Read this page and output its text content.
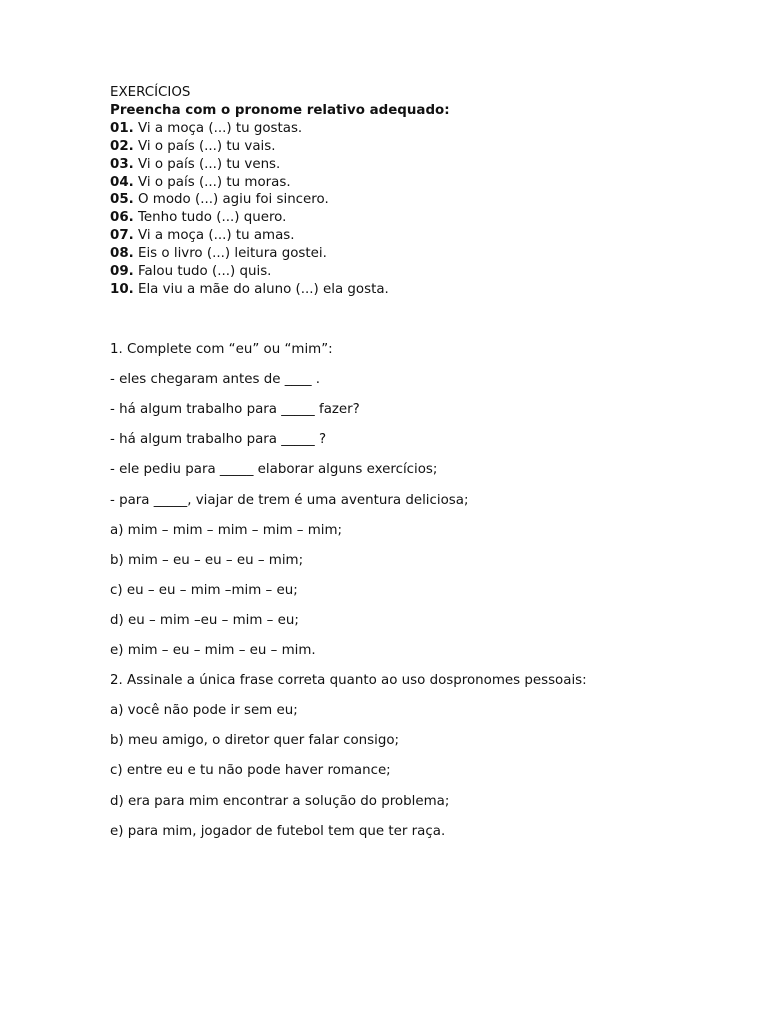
EXERCÍCIOS
Preencha com o pronome relativo adequado:
01. Vi a moça (...) tu gostas.
02. Vi o país (...) tu vais.
03. Vi o país (...) tu vens.
04. Vi o país (...) tu moras.
05. O modo (...) agiu foi sincero.
06. Tenho tudo (...) quero.
07. Vi a moça (...) tu amas.
08. Eis o livro (...) leitura gostei.
09. Falou tudo (...) quis.
10. Ela viu a mãe do aluno (...) ela gosta.
1. Complete com “eu” ou “mim”:
- eles chegaram antes de ____ .
- há algum trabalho para _____ fazer?
- há algum trabalho para _____ ?
- ele pediu para _____ elaborar alguns exercícios;
- para _____, viajar de trem é uma aventura deliciosa;
a) mim – mim – mim – mim – mim;
b) mim – eu – eu – eu – mim;
c) eu – eu – mim –mim – eu;
d) eu – mim –eu – mim – eu;
e) mim – eu – mim – eu – mim.
2. Assinale a única frase correta quanto ao uso dospronomes pessoais:
a) você não pode ir sem eu;
b) meu amigo, o diretor quer falar consigo;
c) entre eu e tu não pode haver romance;
d) era para mim encontrar a solução do problema;
e) para mim, jogador de futebol tem que ter raça.
